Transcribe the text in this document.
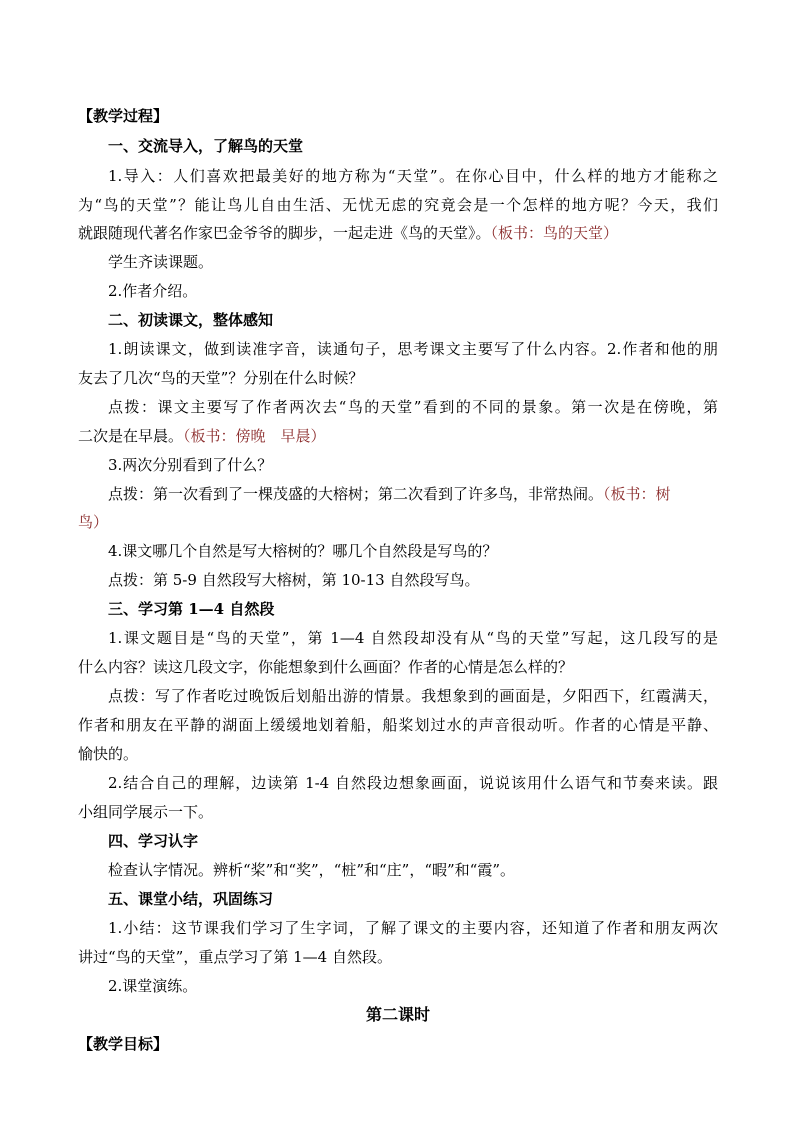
【教学过程】
一、交流导入，了解鸟的天堂
1.导入：人们喜欢把最美好的地方称为“天堂”。在你心目中，什么样的地方才能称之
为“鸟的天堂”？能让鸟儿自由生活、无忧无虑的究竟会是一个怎样的地方呢？今天，我们
就跟随现代著名作家巴金爷爷的脚步，一起走进《鸟的天堂》。（板书：鸟的天堂）
学生齐读课题。
2.作者介绍。
二、初读课文，整体感知
1.朗读课文，做到读准字音，读通句子，思考课文主要写了什么内容。2.作者和他的朋
友去了几次“鸟的天堂”？分别在什么时候？
点拨：课文主要写了作者两次去“鸟的天堂”看到的不同的景象。第一次是在傍晚，第
二次是在早晨。（板书：傍晚　早晨）
3.两次分别看到了什么？
点拨：第一次看到了一棵茂盛的大榕树；第二次看到了许多鸟，非常热闹。（板书：树
鸟）
4.课文哪几个自然是写大榕树的？哪几个自然段是写鸟的？
点拨：第 5-9 自然段写大榕树，第 10-13 自然段写鸟。
三、学习第 1—4 自然段
1.课文题目是“鸟的天堂”，第 1—4 自然段却没有从“鸟的天堂”写起，这几段写的是
什么内容？读这几段文字，你能想象到什么画面？作者的心情是怎么样的？
点拨：写了作者吃过晚饭后划船出游的情景。我想象到的画面是，夕阳西下，红霞满天，
作者和朋友在平静的湖面上缓缓地划着船，船桨划过水的声音很动听。作者的心情是平静、
愉快的。
2.结合自己的理解，边读第 1-4 自然段边想象画面，说说该用什么语气和节奏来读。跟
小组同学展示一下。
四、学习认字
检查认字情况。辨析“桨”和“奖”，“桩”和“庄”，“暇”和“霞”。
五、课堂小结，巩固练习
1.小结：这节课我们学习了生字词，了解了课文的主要内容，还知道了作者和朋友两次
讲过“鸟的天堂”，重点学习了第 1—4 自然段。
2.课堂演练。
第二课时
【教学目标】
